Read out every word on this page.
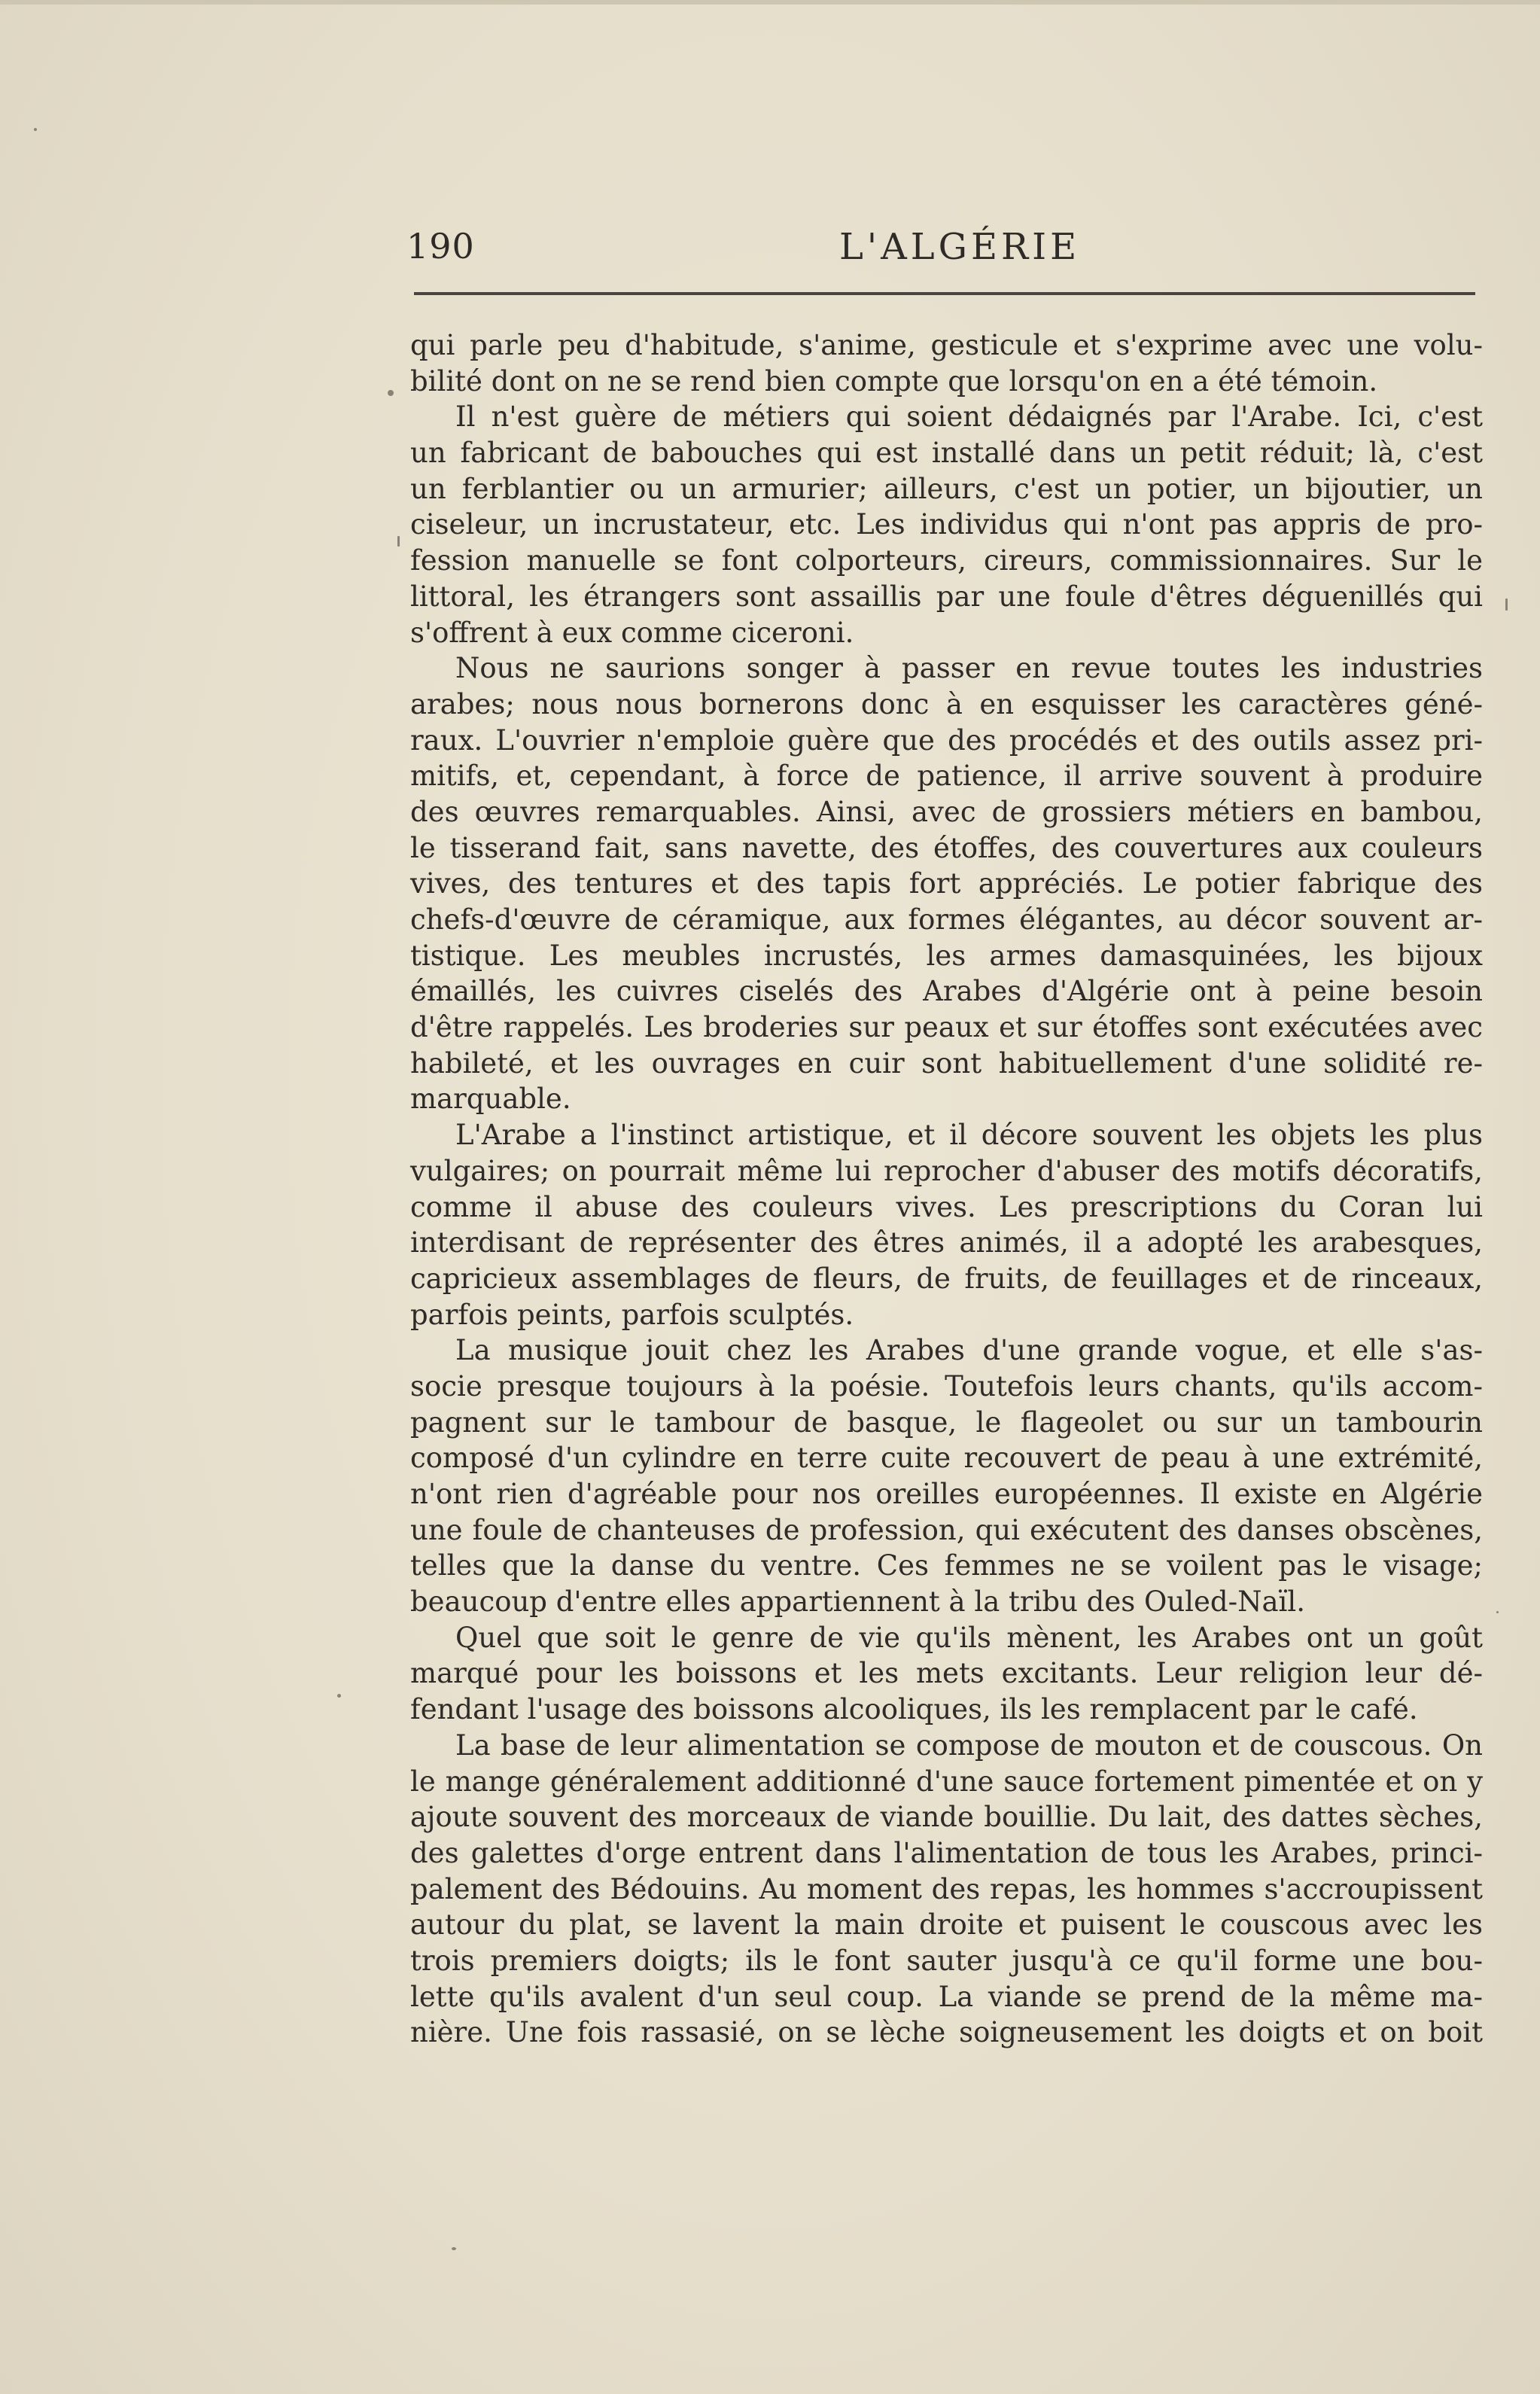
190	L'ALGÉRIE
qui parle peu d'habitude, s'anime, gesticule et s'exprime avec une volu-
bilité dont on ne se rend bien compte que lorsqu'on en a été témoin.
Il n'est guère de métiers qui soient dédaignés par l'Arabe. Ici, c'est
un fabricant de babouches qui est installé dans un petit réduit; là, c'est
un ferblantier ou un armurier; ailleurs, c'est un potier, un bijoutier, un
ciseleur, un incrustateur, etc. Les individus qui n'ont pas appris de pro-
fession manuelle se font colporteurs, cireurs, commissionnaires. Sur le
littoral, les étrangers sont assaillis par une foule d'êtres déguenillés qui
s'offrent à eux comme ciceroni.
Nous ne saurions songer à passer en revue toutes les industries
arabes; nous nous bornerons donc à en esquisser les caractères géné-
raux. L'ouvrier n'emploie guère que des procédés et des outils assez pri-
mitifs, et, cependant, à force de patience, il arrive souvent à produire
des œuvres remarquables. Ainsi, avec de grossiers métiers en bambou,
le tisserand fait, sans navette, des étoffes, des couvertures aux couleurs
vives, des tentures et des tapis fort appréciés. Le potier fabrique des
chefs-d'œuvre de céramique, aux formes élégantes, au décor souvent ar-
tistique. Les meubles incrustés, les armes damasquinées, les bijoux
émaillés, les cuivres ciselés des Arabes d'Algérie ont à peine besoin
d'être rappelés. Les broderies sur peaux et sur étoffes sont exécutées avec
habileté, et les ouvrages en cuir sont habituellement d'une solidité re-
marquable.
L'Arabe a l'instinct artistique, et il décore souvent les objets les plus
vulgaires; on pourrait même lui reprocher d'abuser des motifs décoratifs,
comme il abuse des couleurs vives. Les prescriptions du Coran lui
interdisant de représenter des êtres animés, il a adopté les arabesques,
capricieux assemblages de fleurs, de fruits, de feuillages et de rinceaux,
parfois peints, parfois sculptés.
La musique jouit chez les Arabes d'une grande vogue, et elle s'as-
socie presque toujours à la poésie. Toutefois leurs chants, qu'ils accom-
pagnent sur le tambour de basque, le flageolet ou sur un tambourin
composé d'un cylindre en terre cuite recouvert de peau à une extrémité,
n'ont rien d'agréable pour nos oreilles européennes. Il existe en Algérie
une foule de chanteuses de profession, qui exécutent des danses obscènes,
telles que la danse du ventre. Ces femmes ne se voilent pas le visage;
beaucoup d'entre elles appartiennent à la tribu des Ouled-Naïl.
Quel que soit le genre de vie qu'ils mènent, les Arabes ont un goût
marqué pour les boissons et les mets excitants. Leur religion leur dé-
fendant l'usage des boissons alcooliques, ils les remplacent par le café.
La base de leur alimentation se compose de mouton et de couscous. On
le mange généralement additionné d'une sauce fortement pimentée et on y
ajoute souvent des morceaux de viande bouillie. Du lait, des dattes sèches,
des galettes d'orge entrent dans l'alimentation de tous les Arabes, princi-
palement des Bédouins. Au moment des repas, les hommes s'accroupissent
autour du plat, se lavent la main droite et puisent le couscous avec les
trois premiers doigts; ils le font sauter jusqu'à ce qu'il forme une bou-
lette qu'ils avalent d'un seul coup. La viande se prend de la même ma-
nière. Une fois rassasié, on se lèche soigneusement les doigts et on boit
